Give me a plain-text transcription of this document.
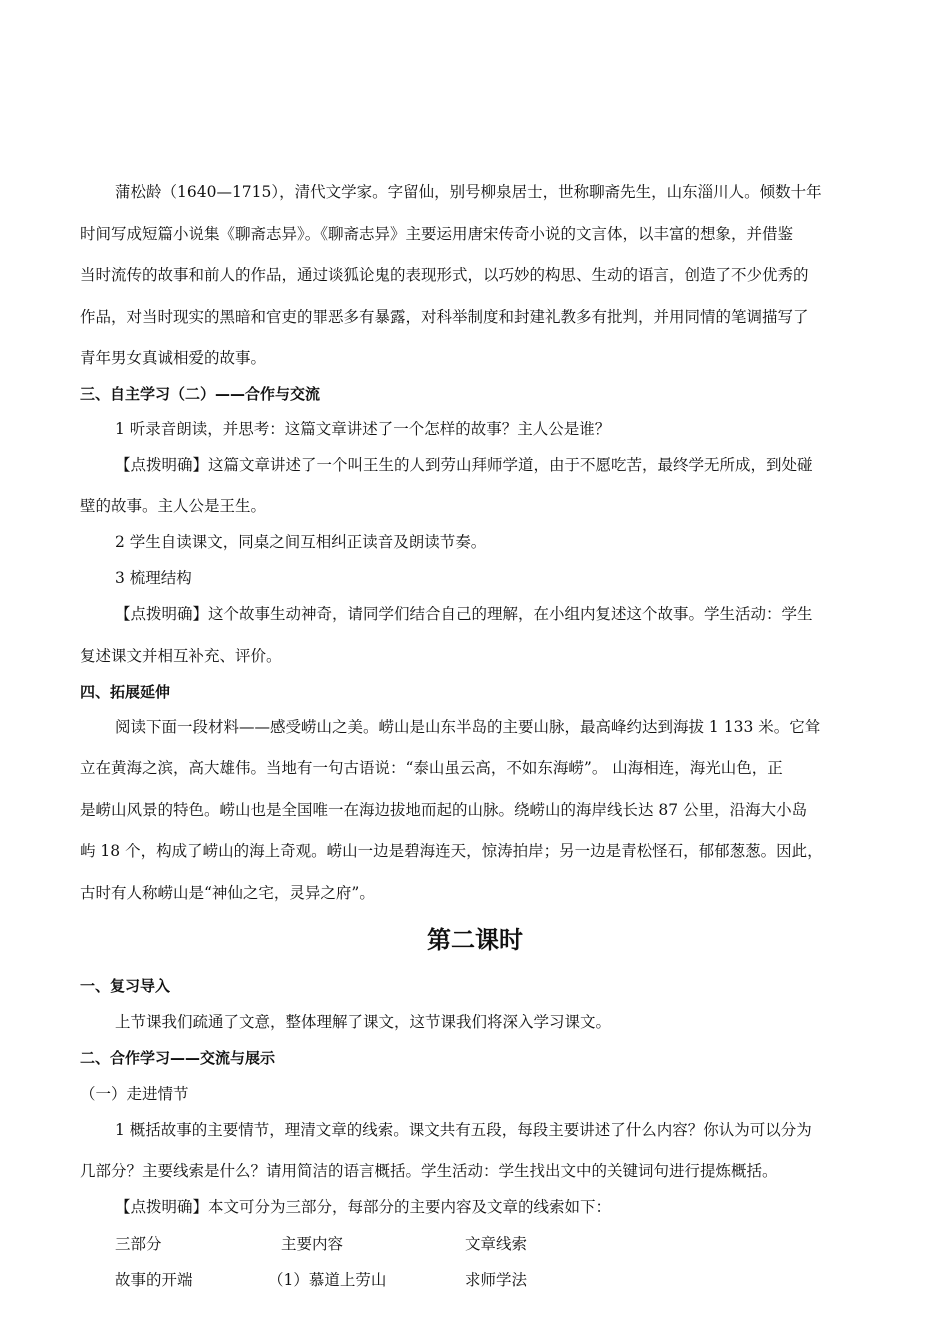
蒲松龄（1640—1715），清代文学家。字留仙，别号柳泉居士，世称聊斋先生，山东淄川人。倾数十年
时间写成短篇小说集《聊斋志异》。《聊斋志异》主要运用唐宋传奇小说的文言体，以丰富的想象，并借鉴
当时流传的故事和前人的作品，通过谈狐论鬼的表现形式，以巧妙的构思、生动的语言，创造了不少优秀的
作品，对当时现实的黑暗和官吏的罪恶多有暴露，对科举制度和封建礼教多有批判，并用同情的笔调描写了
青年男女真诚相爱的故事。
三、自主学习（二）——合作与交流
1 听录音朗读，并思考：这篇文章讲述了一个怎样的故事？主人公是谁？
【点拨明确】这篇文章讲述了一个叫王生的人到劳山拜师学道，由于不愿吃苦，最终学无所成，到处碰
壁的故事。主人公是王生。
2 学生自读课文，同桌之间互相纠正读音及朗读节奏。
3 梳理结构
【点拨明确】这个故事生动神奇，请同学们结合自己的理解，在小组内复述这个故事。学生活动：学生
复述课文并相互补充、评价。
四、拓展延伸
阅读下面一段材料——感受崂山之美。崂山是山东半岛的主要山脉，最高峰约达到海拔 1 133 米。它耸
立在黄海之滨，高大雄伟。当地有一句古语说：“泰山虽云高，不如东海崂”。 山海相连，海光山色，正
是崂山风景的特色。崂山也是全国唯一在海边拔地而起的山脉。绕崂山的海岸线长达 87 公里，沿海大小岛
屿 18 个，构成了崂山的海上奇观。崂山一边是碧海连天，惊涛拍岸；另一边是青松怪石，郁郁葱葱。因此，
古时有人称崂山是“神仙之宅，灵异之府”。
第二课时
一、复习导入
上节课我们疏通了文意，整体理解了课文，这节课我们将深入学习课文。
二、合作学习——交流与展示
（一）走进情节
1 概括故事的主要情节，理清文章的线索。课文共有五段，每段主要讲述了什么内容？你认为可以分为
几部分？主要线索是什么？请用简洁的语言概括。学生活动：学生找出文中的关键词句进行提炼概括。
【点拨明确】本文可分为三部分，每部分的主要内容及文章的线索如下：
三部分	主要内容	文章线索
故事的开端	（1）慕道上劳山	求师学法
